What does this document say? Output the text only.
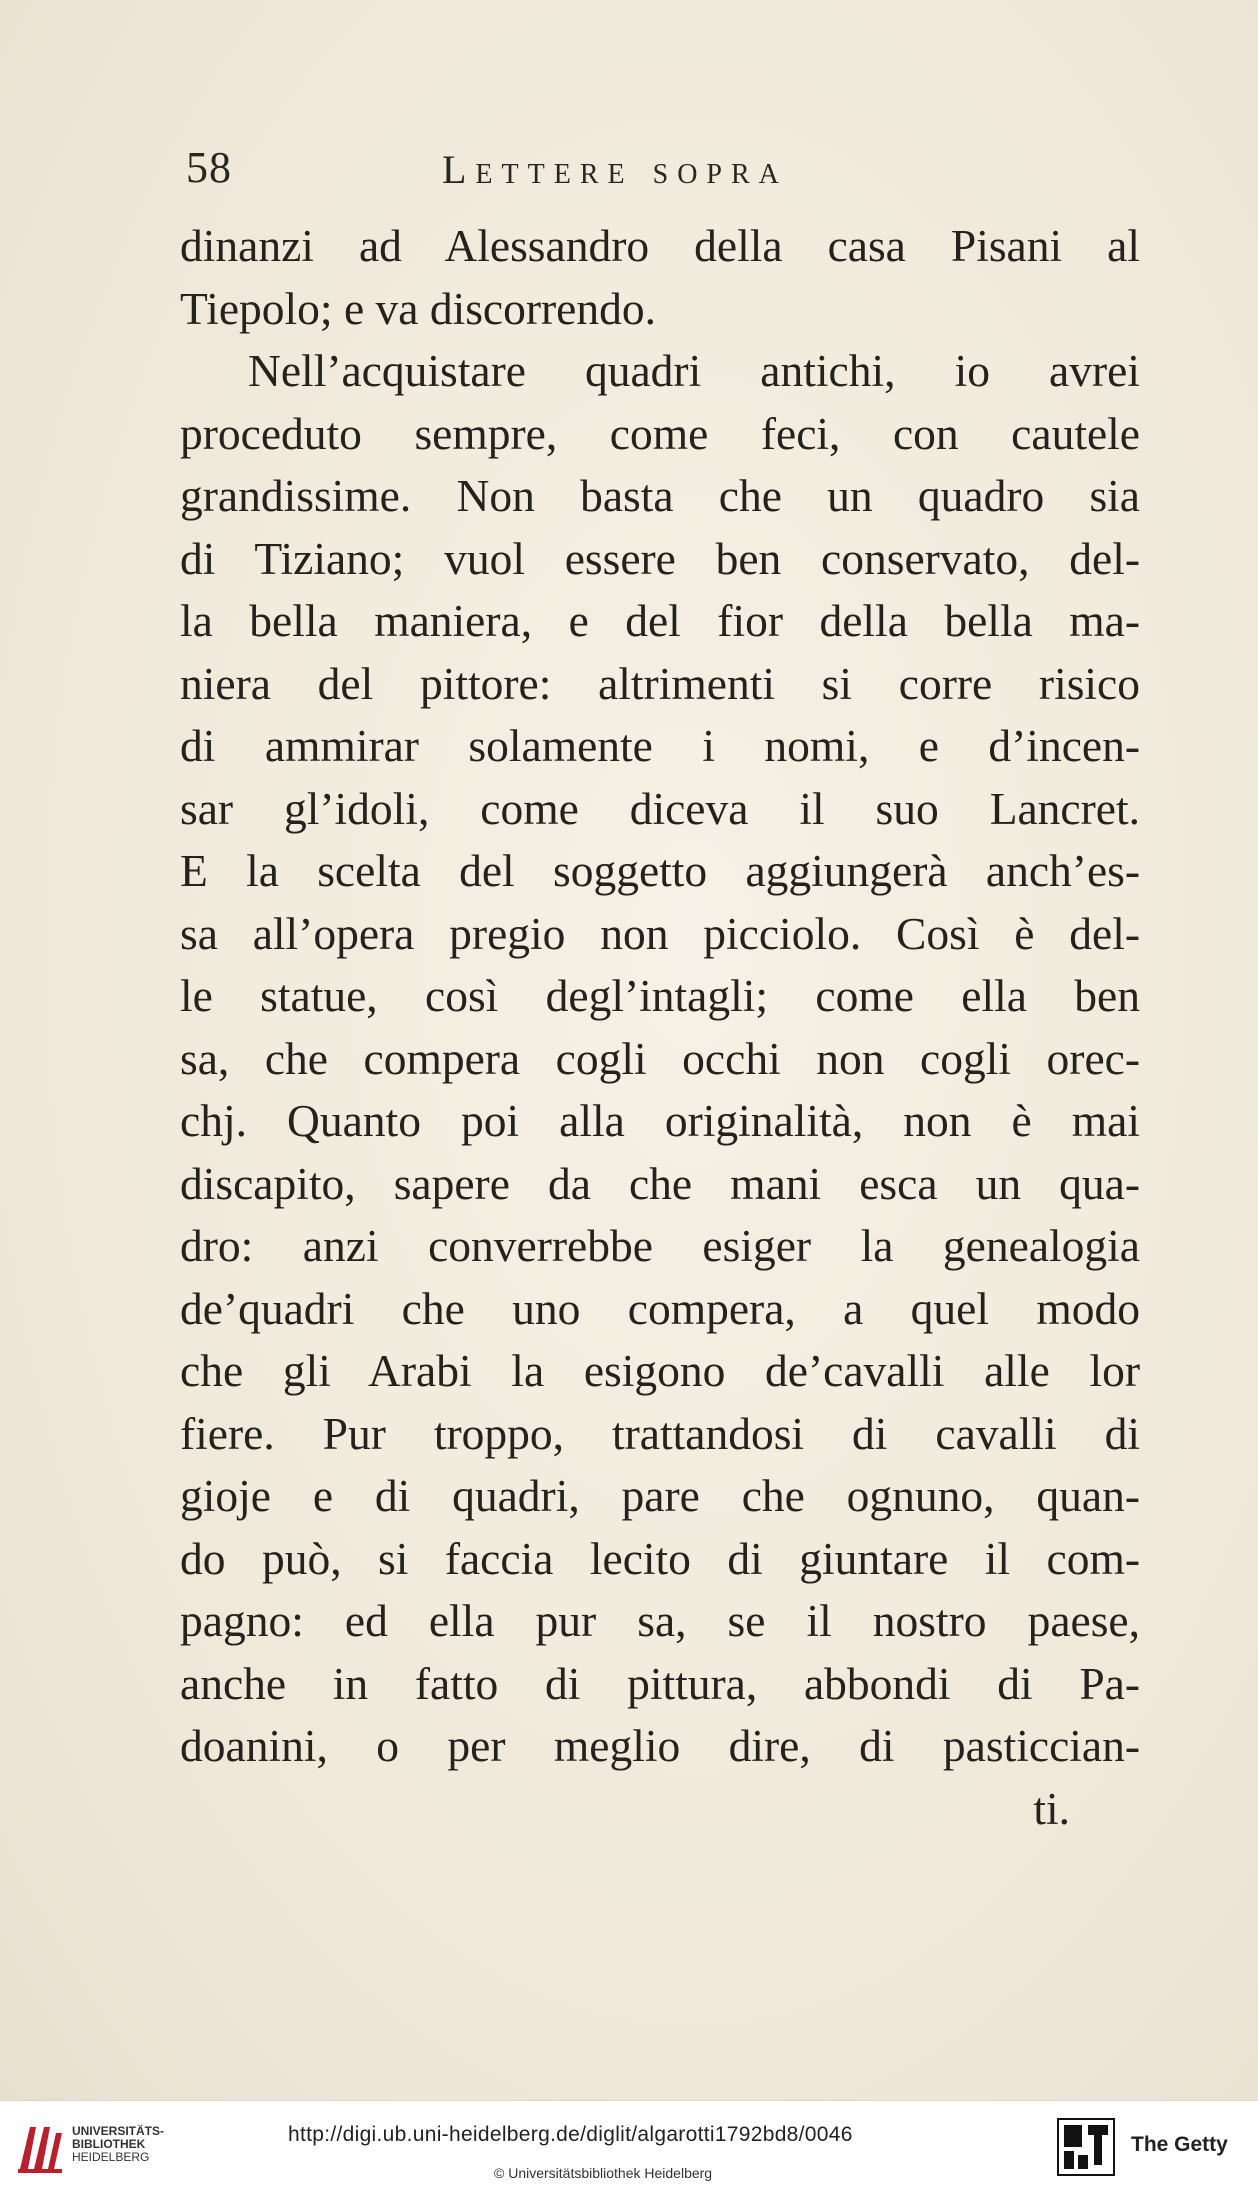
58	Lettere sopra
dinanzi ad Alessandro della casa Pisani al
Tiepolo; e va discorrendo.
Nell’acquistare quadri antichi, io avrei
proceduto sempre, come feci, con cautele
grandissime. Non basta che un quadro sia
di Tiziano; vuol essere ben conservato, del-
la bella maniera, e del fior della bella ma-
niera del pittore: altrimenti si corre risico
di ammirar solamente i nomi, e d’incen-
sar gl’idoli, come diceva il suo Lancret.
E la scelta del soggetto aggiungerà anch’es-
sa all’opera pregio non picciolo. Così è del-
le statue, così degl’intagli; come ella ben
sa, che compera cogli occhi non cogli orec-
chj. Quanto poi alla originalità, non è mai
discapito, sapere da che mani esca un qua-
dro: anzi converrebbe esiger la genealogia
de’quadri che uno compera, a quel modo
che gli Arabi la esigono de’cavalli alle lor
fiere. Pur troppo, trattandosi di cavalli di
gioje e di quadri, pare che ognuno, quan-
do può, si faccia lecito di giuntare il com-
pagno: ed ella pur sa, se il nostro paese,
anche in fatto di pittura, abbondi di Pa-
doanini, o per meglio dire, di pasticcian-
ti.
UNIVERSITÄTS-
BIBLIOTHEK
HEIDELBERG
http://digi.ub.uni-heidelberg.de/diglit/algarotti1792bd8/0046
© Universitätsbibliothek Heidelberg
The Getty
